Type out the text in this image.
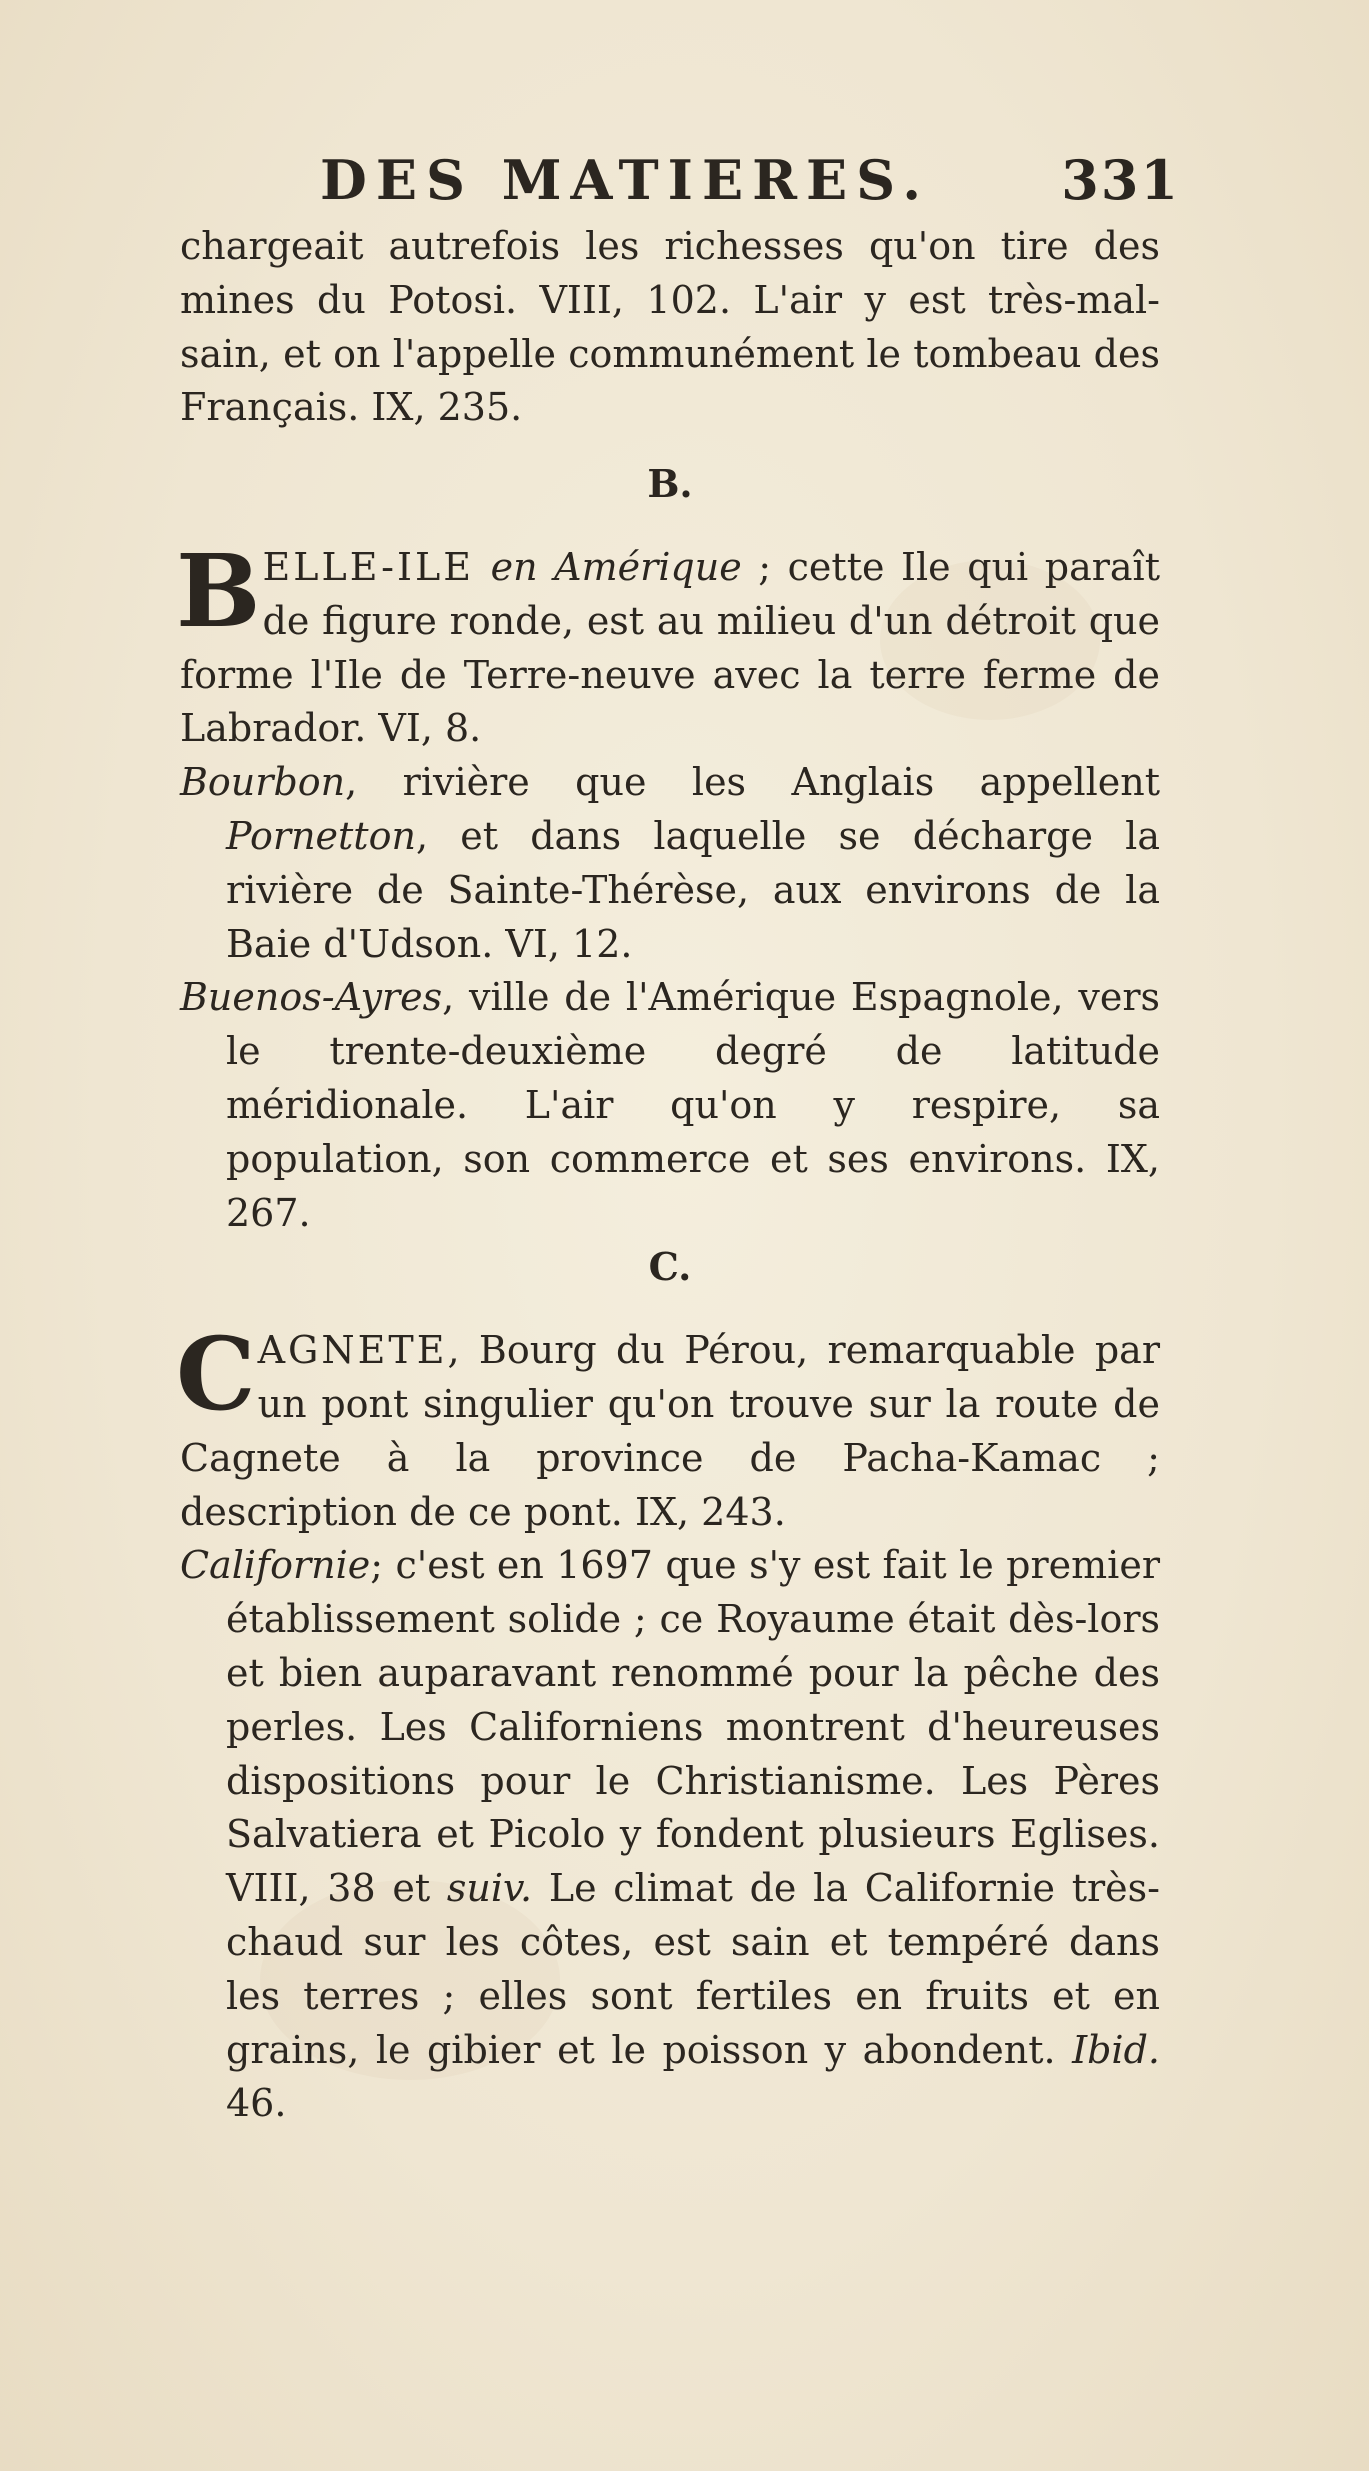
DES MATIERES. 331

chargeait autrefois les richesses qu'on tire des mines du Potosi. VIII, 102. L'air y est très-mal-sain, et on l'appelle communément le tombeau des Français. IX, 235.

B.

BELLE-ILE en Amérique ; cette Ile qui paraît de figure ronde, est au milieu d'un détroit que forme l'Ile de Terre-neuve avec la terre ferme de Labrador. VI, 8.

Bourbon, rivière que les Anglais appellent Pornetton, et dans laquelle se décharge la rivière de Sainte-Thérèse, aux environs de la Baie d'Udson. VI, 12.

Buenos-Ayres, ville de l'Amérique Espagnole, vers le trente-deuxième degré de latitude méridionale. L'air qu'on y respire, sa population, son commerce et ses environs. IX, 267.

C.

CAGNETE, Bourg du Pérou, remarquable par un pont singulier qu'on trouve sur la route de Cagnete à la province de Pacha-Kamac ; description de ce pont. IX, 243.

Californie; c'est en 1697 que s'y est fait le premier établissement solide ; ce Royaume était dès-lors et bien auparavant renommé pour la pêche des perles. Les Californiens montrent d'heureuses dispositions pour le Christianisme. Les Pères Salvatiera et Picolo y fondent plusieurs Eglises. VIII, 38 et suiv. Le climat de la Californie très-chaud sur les côtes, est sain et tempéré dans les terres ; elles sont fertiles en fruits et en grains, le gibier et le poisson y abondent. Ibid. 46.
